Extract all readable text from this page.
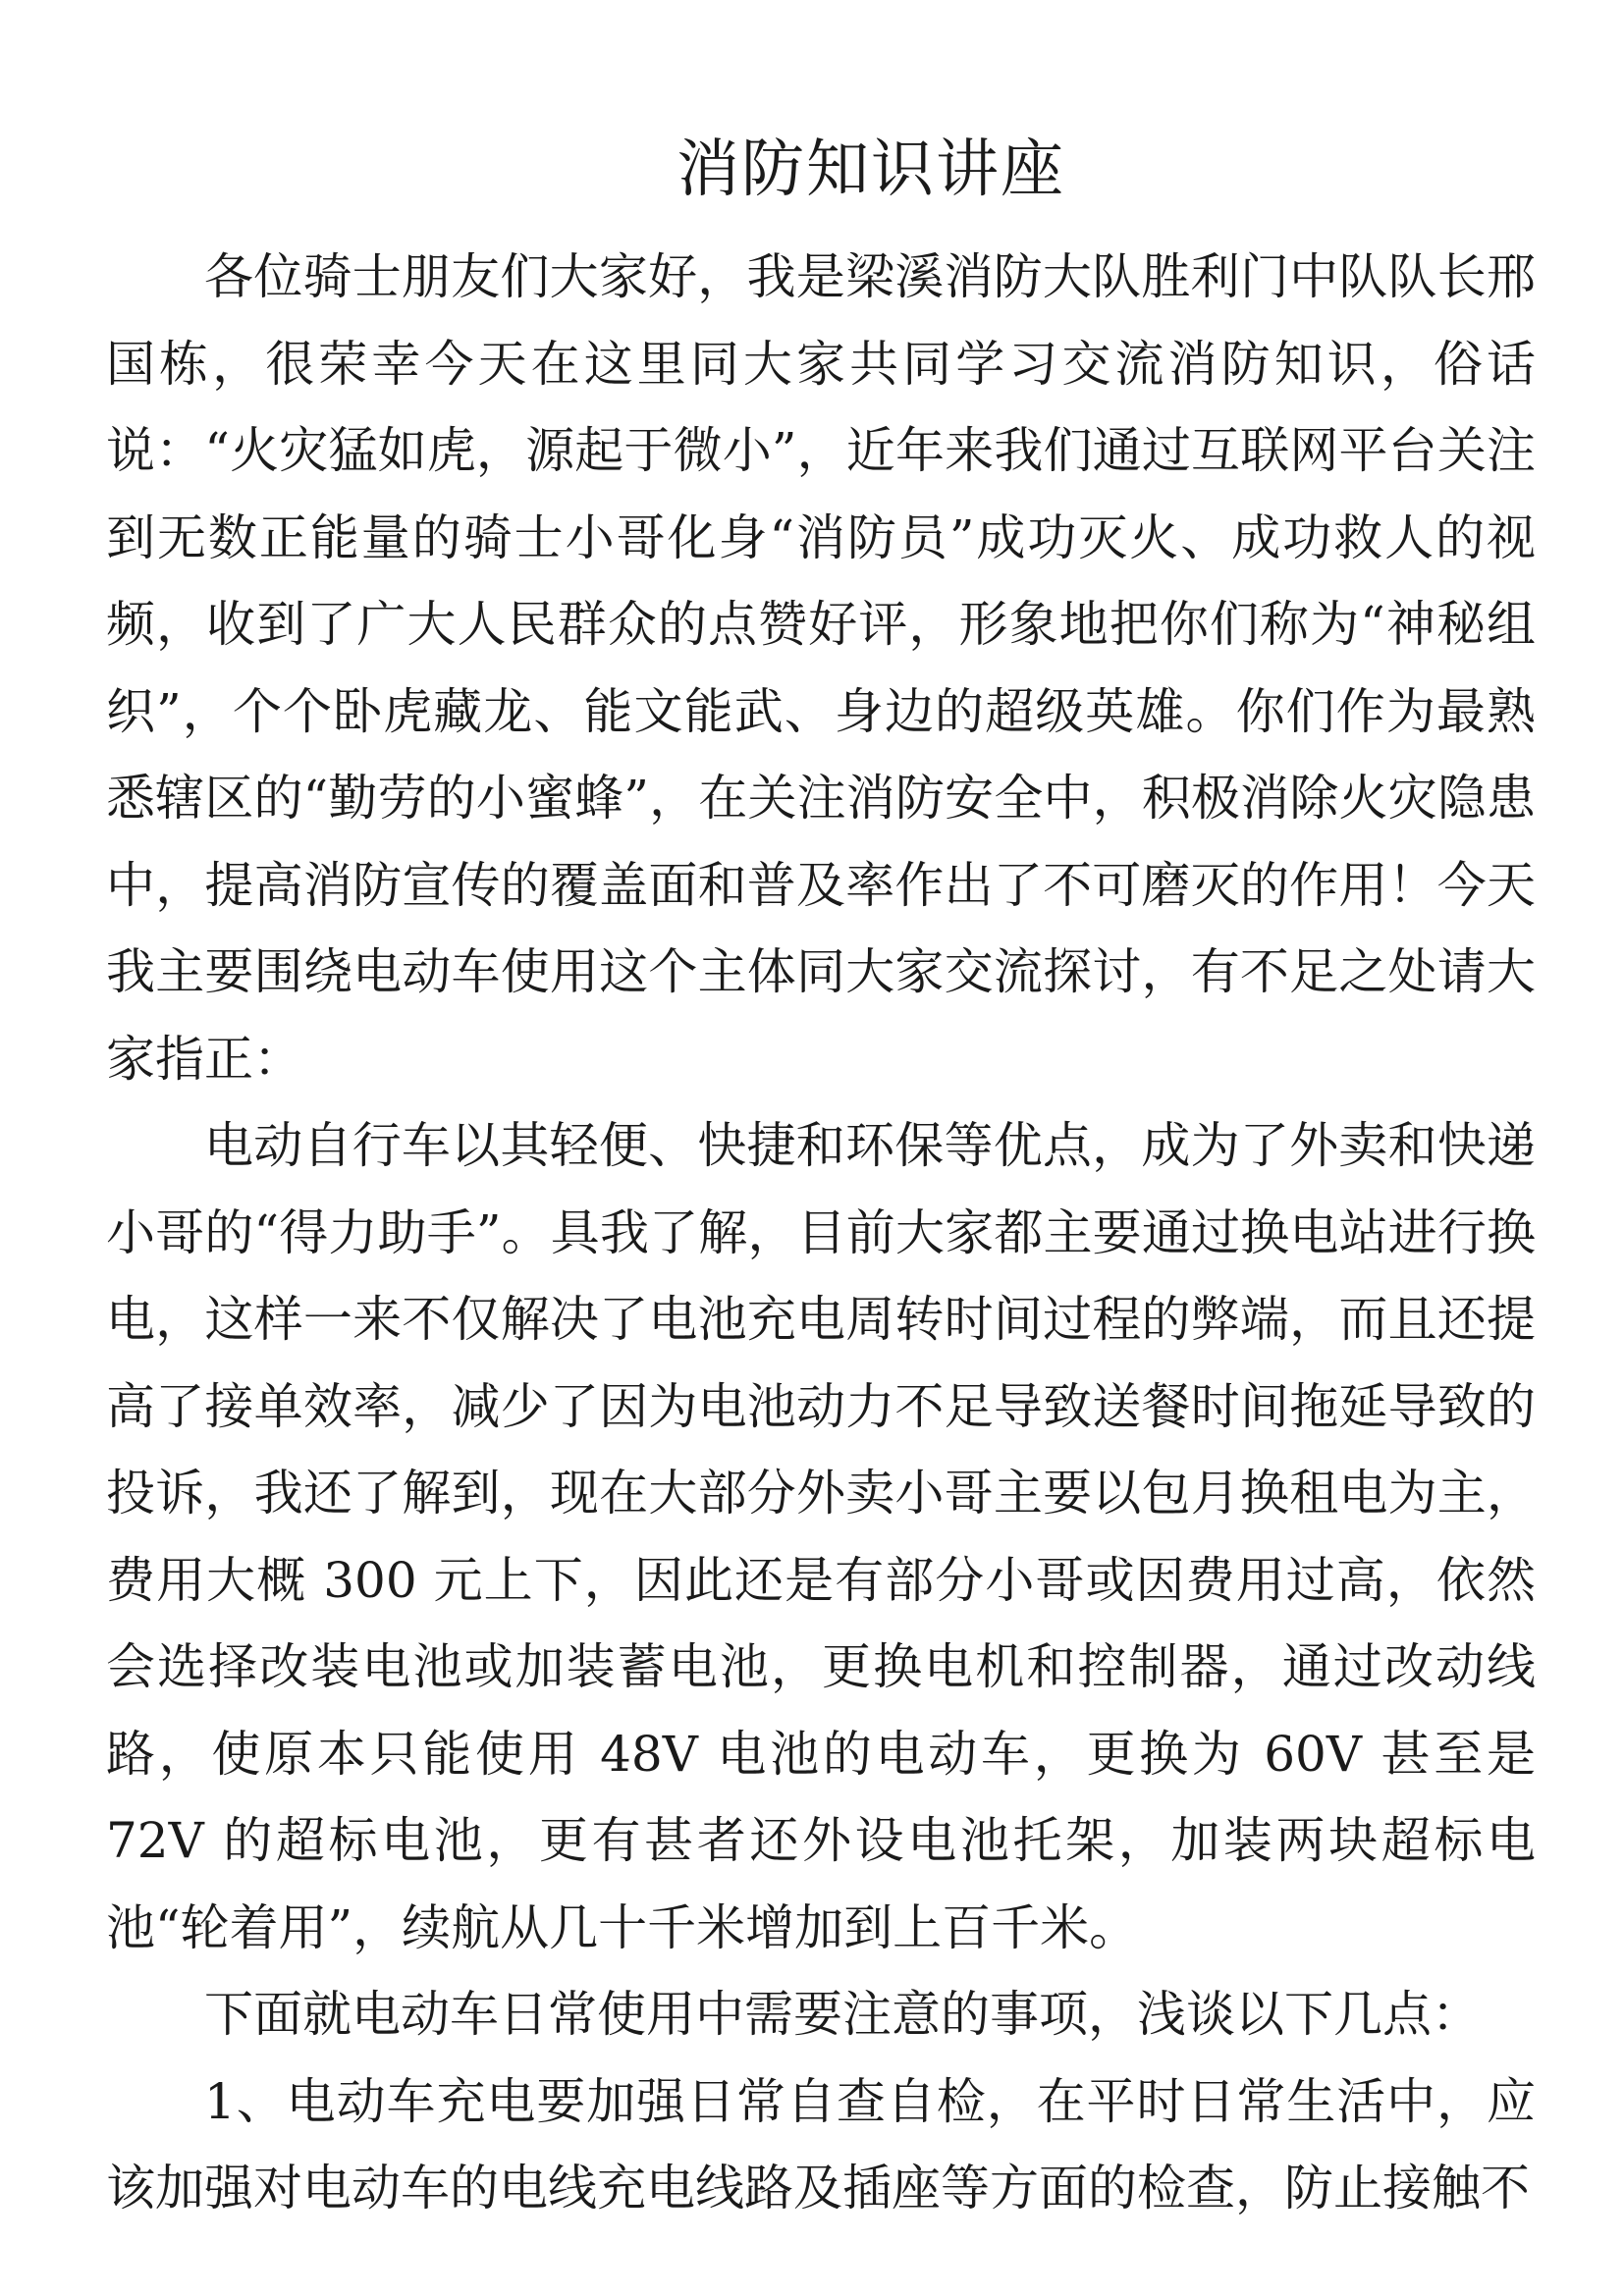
消防知识讲座

各位骑士朋友们大家好，我是梁溪消防大队胜利门中队队长邢国栋，很荣幸今天在这里同大家共同学习交流消防知识，俗话说：“火灾猛如虎，源起于微小”，近年来我们通过互联网平台关注到无数正能量的骑士小哥化身“消防员”成功灭火、成功救人的视频，收到了广大人民群众的点赞好评，形象地把你们称为“神秘组织”，个个卧虎藏龙、能文能武、身边的超级英雄。你们作为最熟悉辖区的“勤劳的小蜜蜂”，在关注消防安全中，积极消除火灾隐患中，提高消防宣传的覆盖面和普及率作出了不可磨灭的作用！今天我主要围绕电动车使用这个主体同大家交流探讨，有不足之处请大家指正：

电动自行车以其轻便、快捷和环保等优点，成为了外卖和快递小哥的“得力助手”。具我了解，目前大家都主要通过换电站进行换电，这样一来不仅解决了电池充电周转时间过程的弊端，而且还提高了接单效率，减少了因为电池动力不足导致送餐时间拖延导致的投诉，我还了解到，现在大部分外卖小哥主要以包月换租电为主，费用大概 300 元上下，因此还是有部分小哥或因费用过高，依然会选择改装电池或加装蓄电池，更换电机和控制器，通过改动线路，使原本只能使用 48V 电池的电动车，更换为 60V 甚至是 72V 的超标电池，更有甚者还外设电池托架，加装两块超标电池“轮着用”，续航从几十千米增加到上百千米。

下面就电动车日常使用中需要注意的事项，浅谈以下几点：

1、电动车充电要加强日常自查自检，在平时日常生活中，应该加强对电动车的电线充电线路及插座等方面的检查，防止接触不
